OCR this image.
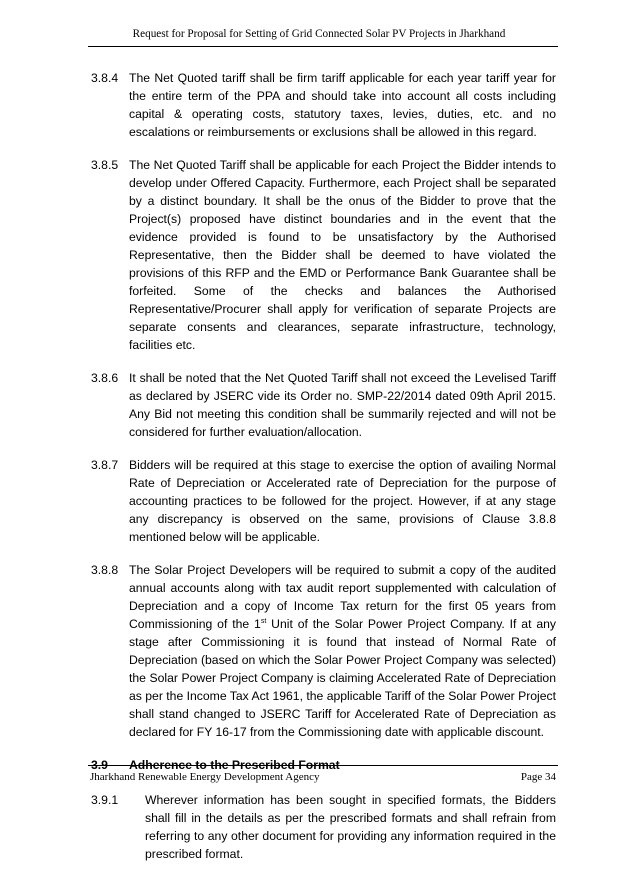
Request for Proposal for Setting of Grid Connected Solar PV Projects in Jharkhand
3.8.4 The Net Quoted tariff shall be firm tariff applicable for each year tariff year for the entire term of the PPA and should take into account all costs including capital & operating costs, statutory taxes, levies, duties, etc. and no escalations or reimbursements or exclusions shall be allowed in this regard.
3.8.5 The Net Quoted Tariff shall be applicable for each Project the Bidder intends to develop under Offered Capacity. Furthermore, each Project shall be separated by a distinct boundary. It shall be the onus of the Bidder to prove that the Project(s) proposed have distinct boundaries and in the event that the evidence provided is found to be unsatisfactory by the Authorised Representative, then the Bidder shall be deemed to have violated the provisions of this RFP and the EMD or Performance Bank Guarantee shall be forfeited. Some of the checks and balances the Authorised Representative/Procurer shall apply for verification of separate Projects are separate consents and clearances, separate infrastructure, technology, facilities etc.
3.8.6 It shall be noted that the Net Quoted Tariff shall not exceed the Levelised Tariff as declared by JSERC vide its Order no. SMP-22/2014 dated 09th April 2015. Any Bid not meeting this condition shall be summarily rejected and will not be considered for further evaluation/allocation.
3.8.7 Bidders will be required at this stage to exercise the option of availing Normal Rate of Depreciation or Accelerated rate of Depreciation for the purpose of accounting practices to be followed for the project. However, if at any stage any discrepancy is observed on the same, provisions of Clause 3.8.8 mentioned below will be applicable.
3.8.8 The Solar Project Developers will be required to submit a copy of the audited annual accounts along with tax audit report supplemented with calculation of Depreciation and a copy of Income Tax return for the first 05 years from Commissioning of the 1st Unit of the Solar Power Project Company. If at any stage after Commissioning it is found that instead of Normal Rate of Depreciation (based on which the Solar Power Project Company was selected) the Solar Power Project Company is claiming Accelerated Rate of Depreciation as per the Income Tax Act 1961, the applicable Tariff of the Solar Power Project shall stand changed to JSERC Tariff for Accelerated Rate of Depreciation as declared for FY 16-17 from the Commissioning date with applicable discount.
3.9	Adherence to the Prescribed Format
3.9.1	Wherever information has been sought in specified formats, the Bidders shall fill in the details as per the prescribed formats and shall refrain from referring to any other document for providing any information required in the prescribed format.
Jharkhand Renewable Energy Development Agency	Page 34
